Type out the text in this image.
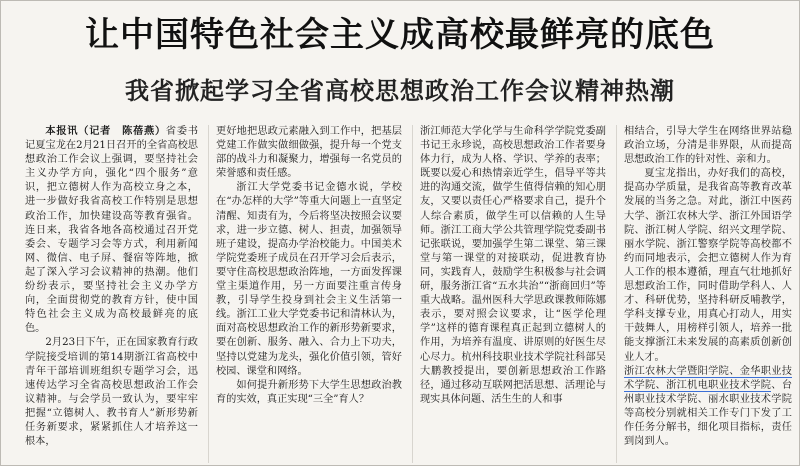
让中国特色社会主义成高校最鲜亮的底色
我省掀起学习全省高校思想政治工作会议精神热潮
本报讯（记者　陈蓓燕）省委书记夏宝龙在2月21日召开的全省高校思想政治工作会议上强调，要坚持社会主义办学方向，强化“四个服务”意识，把立德树人作为高校立身之本，进一步做好我省高校工作特别是思想政治工作，加快建设高等教育强省。连日来，我省各地各高校通过召开党委会、专题学习会等方式，利用新闻网、微信、电子屏、餐宿等阵地，掀起了深入学习会议精神的热潮。他们纷纷表示，要坚持社会主义办学方向，全面贯彻党的教育方针，使中国特色社会主义成为高校最鲜亮的底色。
2月23日下午，正在国家教育行政学院接受培训的第14期浙江省高校中青年干部培训班组织专题学习会，迅速传达学习全省高校思想政治工作会议精神。与会学员一致认为，要牢牢把握“立德树人、教书育人”新形势新任务新要求，紧紧抓住人才培养这一根本，
更好地把思政元素融入到工作中，把基层党建工作做实做细做强，提升每一个党支部的战斗力和凝聚力，增强每一名党员的荣誉感和责任感。
浙江大学党委书记金德水说，学校在“办怎样的大学”等重大问题上一直坚定清醒、知责有为，今后将坚决按照会议要求，进一步立德、树人、担责，加强领导班子建设，提高办学治校能力。中国美术学院党委班子成员在召开学习会后表示，要守住高校思想政治阵地，一方面发挥课堂主渠道作用，另一方面要注重言传身教，引导学生投身到社会主义生活第一线。浙江工业大学党委书记和清林认为，面对高校思想政治工作的新形势新要求，要在创新、服务、融入、合力上下功夫，坚持以党建为龙头，强化价值引领，管好校园、课堂和网络。
如何提升新形势下大学生思想政治教育的实效，真正实现“三全”育人？
浙江师范大学化学与生命科学学院党委副书记王永珍说，高校思想政治工作者要身体力行，成为人格、学识、学养的表率；既要以爱心和热情亲近学生，倡导平等共进的沟通交流，做学生值得信赖的知心朋友，又要以责任心严格要求自己，提升个人综合素质，做学生可以信赖的人生导师。浙江工商大学公共管理学院党委副书记张联说，要加强学生第二课堂、第三课堂与第一课堂的对接联动，促进教育协同，实践育人，鼓励学生积极参与社会调研，服务浙江省“五水共治”“浙商回归”等重大战略。温州医科大学思政课教师陈娜表示，要对照会议要求，让“医学伦理学”这样的德育课程真正起到立德树人的作用，为培养有温度、讲原则的好医生尽心尽力。杭州科技职业技术学院社科部吴大鹏教授提出，要创新思想政治工作路径，通过移动互联网把活思想、活理论与现实具体问题、活生生的人和事
相结合，引导大学生在网络世界站稳政治立场，分清是非界限，从而提高思想政治工作的针对性、亲和力。
夏宝龙指出，办好我们的高校，提高办学质量，是我省高等教育改革发展的当务之急。对此，浙江中医药大学、浙江农林大学、浙江外国语学院、浙江树人学院、绍兴文理学院、丽水学院、浙江警察学院等高校都不约而同地表示，会把立德树人作为育人工作的根本遵循，理直气壮地抓好思想政治工作，同时借助学科人、人才、科研优势，坚持科研反哺教学，学科支撑专业，用真心打动人，用实干鼓舞人，用榜样引领人，培养一批能支撑浙江未来发展的高素质创新创业人才。
浙江农林大学暨阳学院、金华职业技术学院、浙江机电职业技术学院、台州职业技术学院、丽水职业技术学院等高校分别就相关工作专门下发了工作任务分解书，细化项目指标，责任到岗到人。
